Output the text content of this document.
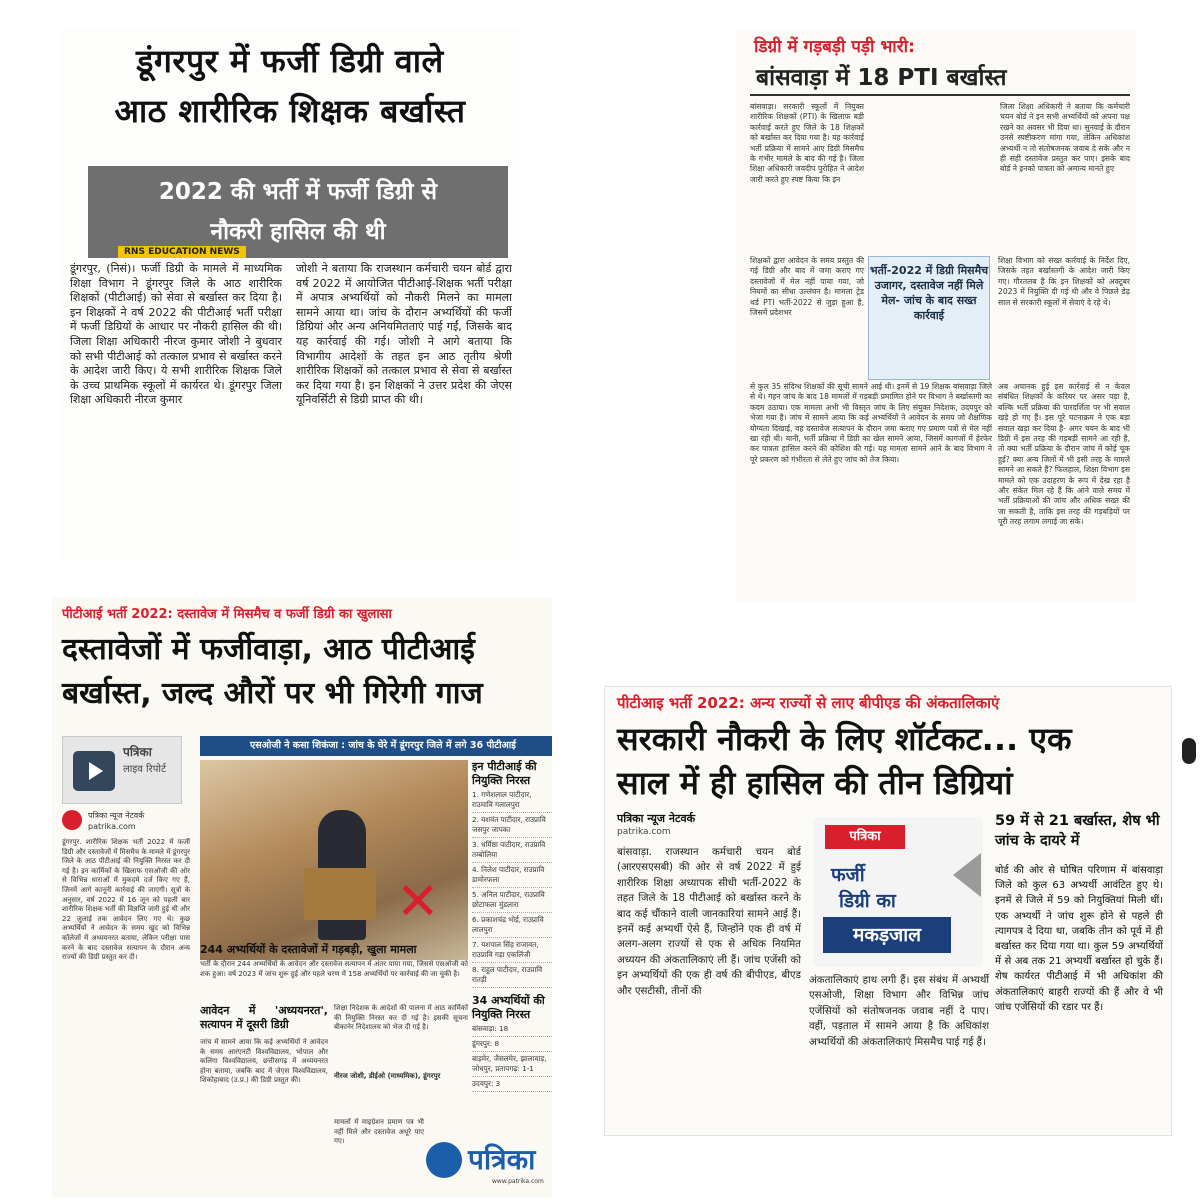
डूंगरपुर में फर्जी डिग्री वाले
आठ शारीरिक शिक्षक बर्खास्त
2022 की भर्ती में फर्जी डिग्री से
नौकरी हासिल की थी
RNS EDUCATION NEWS
डूंगरपुर, (निसं)। फर्जी डिग्री के मामले में माध्यमिक शिक्षा विभाग ने डूंगरपुर जिले के आठ शारीरिक शिक्षकों (पीटीआई) को सेवा से बर्खास्त कर दिया है। इन शिक्षकों ने वर्ष 2022 की पीटीआई भर्ती परीक्षा में फर्जी डिग्रियों के आधार पर नौकरी हासिल की थी। जिला शिक्षा अधिकारी नीरज कुमार जोशी ने बुधवार को सभी पीटीआई को तत्काल प्रभाव से बर्खास्त करने के आदेश जारी किए। ये सभी शारीरिक शिक्षक जिले के उच्च प्राथमिक स्कूलों में कार्यरत थे। डूंगरपुर जिला शिक्षा अधिकारी नीरज कुमार
जोशी ने बताया कि राजस्थान कर्मचारी चयन बोर्ड द्वारा वर्ष 2022 में आयोजित पीटीआई-शिक्षक भर्ती परीक्षा में अपात्र अभ्यर्थियों को नौकरी मिलने का मामला सामने आया था। जांच के दौरान अभ्यर्थियों की फर्जी डिग्रियां और अन्य अनियमितताएं पाई गईं, जिसके बाद यह कार्रवाई की गई। जोशी ने आगे बताया कि विभागीय आदेशों के तहत इन आठ तृतीय श्रेणी शारीरिक शिक्षकों को तत्काल प्रभाव से सेवा से बर्खास्त कर दिया गया है। इन शिक्षकों ने उत्तर प्रदेश की जेएस यूनिवर्सिटी से डिग्री प्राप्त की थी।
डिग्री में गड़बड़ी पड़ी भारी:
बांसवाड़ा में 18 PTI बर्खास्त
बांसवाड़ा। सरकारी स्कूलों में नियुक्त शारीरिक शिक्षकों (PTI) के खिलाफ बड़ी कार्रवाई करते हुए जिले के 18 शिक्षकों को बर्खास्त कर दिया गया है। यह कार्रवाई भर्ती प्रक्रिया में सामने आए डिग्री मिसमैच के गंभीर मामले के बाद की गई है। जिला शिक्षा अधिकारी जयदीप पुरोहित ने आदेश जारी करते हुए स्पष्ट किया कि इन
शिक्षकों द्वारा आवेदन के समय प्रस्तुत की गई डिग्री और बाद में जमा कराए गए दस्तावेजों में मेल नहीं पाया गया, जो नियमों का सीधा उल्लंघन है। मामला ट्रेड थर्ड PTI भर्ती-2022 से जुड़ा हुआ है, जिसमें प्रदेशभर
भर्ती-2022 में डिग्री मिसमैच उजागर, दस्तावेज नहीं मिले मेल- जांच के बाद सख्त कार्रवाई
से कुल 35 संदिग्ध शिक्षकों की सूची सामने आई थी। इनमें से 19 शिक्षक बांसवाड़ा जिले से थे। गहन जांच के बाद 18 मामलों में गड़बड़ी प्रमाणित होने पर विभाग ने बर्खास्तगी का कदम उठाया। एक मामला अभी भी विस्तृत जांच के लिए संयुक्त निदेशक, उदयपुर को भेजा गया है। जांच में सामने आया कि कई अभ्यर्थियों ने आवेदन के समय जो शैक्षणिक योग्यता दिखाई, वह दस्तावेज सत्यापन के दौरान जमा कराए गए प्रमाण पत्रों से मेल नहीं खा रही थी। यानी, भर्ती प्रक्रिया में डिग्री का खेल सामने आया, जिसमें कागजों में हेरफेर कर पात्रता हासिल करने की कोशिश की गई। यह मामला सामने आने के बाद विभाग ने पूरे प्रकरण को गंभीरता से लेते हुए जांच को तेज किया।
जिला शिक्षा अधिकारी ने बताया कि कर्मचारी चयन बोर्ड ने इन सभी अभ्यर्थियों को अपना पक्ष रखने का अवसर भी दिया था। सुनवाई के दौरान उनसे स्पष्टीकरण मांगा गया, लेकिन अधिकांश अभ्यर्थी न तो संतोषजनक जवाब दे सके और न ही सही दस्तावेज प्रस्तुत कर पाए। इसके बाद बोर्ड ने इनको पात्रता को अमान्य मानते हुए
शिक्षा विभाग को सख्त कार्रवाई के निर्देश दिए, जिसके तहत बर्खास्तगी के आदेश जारी किए गए। गौरतलब है कि इन शिक्षकों को अक्टूबर 2023 में नियुक्ति दी गई थी और वे पिछले डेढ़ साल से सरकारी स्कूलों में सेवाएं दे रहे थे।
अब अचानक हुई इस कार्रवाई से न केवल संबंधित शिक्षकों के करियर पर असर पड़ा है, बल्कि भर्ती प्रक्रिया की पारदर्शिता पर भी सवाल खड़े हो गए हैं। इस पूरे घटनाक्रम ने एक बड़ा सवाल खड़ा कर दिया है- अगर चयन के बाद भी डिग्री में इस तरह की गड़बड़ी सामने आ रही है, तो क्या भर्ती प्रक्रिया के दौरान जांच में कोई चूक हुई? क्या अन्य जिलों में भी इसी तरह के मामले सामने आ सकते हैं? फिलहाल, शिक्षा विभाग इस मामले को एक उदाहरण के रूप में देख रहा है और संकेत मिल रहे हैं कि आने वाले समय में भर्ती प्रक्रियाओं की जांच और अधिक सख्त की जा सकती है, ताकि इस तरह की गड़बड़ियों पर पूरी तरह लगाम लगाई जा सके।
पीटीआई भर्ती 2022: दस्तावेज में मिसमैच व फर्जी डिग्री का खुलासा
दस्तावेजों में फर्जीवाड़ा, आठ पीटीआई
बर्खास्त, जल्द औरों पर भी गिरेगी गाज
पत्रिका
लाइव रिपोर्ट
पत्रिका न्यूज नेटवर्क
patrika.com
डूंगरपुर. शारीरिक शिक्षक भर्ती 2022 में फर्जी डिग्री और दस्तावेजों में मिसमैच के मामले में डूंगरपुर जिले के आठ पीटीआई की नियुक्ति निरस्त कर दी गई है। इन कार्मिकों के खिलाफ एसओजी की ओर से विभिन्न धाराओं में मुकदमे दर्ज किए गए हैं, जिनमें आगे कानूनी कार्रवाई की जाएगी। सूत्रों के अनुसार, वर्ष 2022 में 16 जून को पहली बार शारीरिक शिक्षक भर्ती की विज्ञप्ति जारी हुई थी और 22 जुलाई तक आवेदन लिए गए थे। कुछ अभ्यर्थियों ने आवेदन के समय खुद को विभिन्न कॉलेजों में अध्ययनरत बताया, लेकिन परीक्षा पास करने के बाद दस्तावेज सत्यापन के दौरान अन्य राज्यों की डिग्री प्रस्तुत कर दी।
एसओजी ने कसा शिकंजा : जांच के घेरे में डूंगरपुर जिले में लगे 36 पीटीआई
✕
इन पीटीआई की नियुक्ति निरस्त
1. गणेशलाल पाटीदार, राउमावि गलालपुरा
2. यशवंत पाटीदार, राउप्रावि जसपुर जापका
3. धर्मिष्ठा पाटीदार, राउप्रावि तम्बोलिया
4. निलेश पाटीदार, राउप्रावि डामोरफला
5. अनिल पाटीदार, राउप्रावि छोटाफला मुंडलारा
6. प्रकाशचंद्र भोई, राउप्रावि लालपुरा
7. यशपाल सिंह राजावत, राउप्रावि गड़ा एकलिंजी
8. राहुल पाटीदार, राउप्रावि रातड़ी
34 अभ्यर्थियों की नियुक्ति निरस्त
बांसवाड़ा: 18
डूंगरपुर: 8
बाड़मेर, जैसलमेर, झालावाड़, जोधपुर, प्रतापगढ़: 1-1
उदयपुर: 3
244 अभ्यर्थियों के दस्तावेजों में गड़बड़ी, खुला मामला
भर्ती के दौरान 244 अभ्यर्थियों के आवेदन और दस्तावेज सत्यापन में अंतर पाया गया, जिससे एसओजी को शक हुआ। वर्ष 2023 में जांच शुरू हुई और पहले चरण में 158 अभ्यर्थियों पर कार्रवाई की जा चुकी है।
आवेदन में 'अध्ययनरत', सत्यापन में दूसरी डिग्री
जांच में सामने आया कि कई अभ्यर्थियों ने आवेदन के समय आरएनटी विश्वविद्यालय, भोपाल और कलिंगा विश्वविद्यालय, छत्तीसगढ़ में अध्ययनरत होना बताया, जबकि बाद में जेएस विश्वविद्यालय, शिकोहाबाद (उ.प्र.) की डिग्री प्रस्तुत की।
शिक्षा निदेशक के आदेशों की पालना में आठ कार्मिकों की नियुक्ति निरस्त कर दी गई है। इसकी सूचना बीकानेर निदेशालय को भेज दी गई है।
नीरज जोशी, डीईओ (माध्यमिक), डूंगरपुर
मामलों में माइग्रेशन प्रमाण पत्र भी नहीं मिले और दस्तावेज अधूरे पाए गए।
पत्रिका
www.patrika.com
पीटीआइ भर्ती 2022: अन्य राज्यों से लाए बीपीएड की अंकतालिकाएं
सरकारी नौकरी के लिए शॉर्टकट... एक
साल में ही हासिल की तीन डिग्रियां
पत्रिका न्यूज नेटवर्क
patrika.com	पत्रिका
फर्जी
डिग्री का
मकड़जाल
59 में से 21 बर्खास्त, शेष भी जांच के दायरे में
बोर्ड की ओर से घोषित परिणाम में बांसवाड़ा जिले को कुल 63 अभ्यर्थी आवंटित हुए थे। इनमें से जिले में 59 को नियुक्तियां मिली थीं। एक अभ्यर्थी ने जांच शुरू होने से पहले ही त्यागपत्र दे दिया था, जबकि तीन को पूर्व में ही बर्खास्त कर दिया गया था। कुल 59 अभ्यर्थियों में से अब तक 21 अभ्यर्थी बर्खास्त हो चुके हैं। शेष कार्यरत पीटीआई में भी अधिकांश की अंकतालिकाएं बाहरी राज्यों की हैं और वे भी जांच एजेंसियों की रडार पर हैं।
बांसवाड़ा. राजस्थान कर्मचारी चयन बोर्ड (आरएसएसबी) की ओर से वर्ष 2022 में हुई शारीरिक शिक्षा अध्यापक सीधी भर्ती-2022 के तहत जिले के 18 पीटीआई को बर्खास्त करने के बाद कई चौंकाने वाली जानकारियां सामने आई हैं। इनमें कई अभ्यर्थी ऐसे हैं, जिन्होंने एक ही वर्ष में अलग-अलग राज्यों से एक से अधिक नियमित अध्ययन की अंकतालिकाएं ली हैं। जांच एजेंसी को इन अभ्यर्थियों की एक ही वर्ष की बीपीएड, बीएड और एसटीसी, तीनों की
अंकतालिकाएं हाथ लगी हैं। इस संबंध में अभ्यर्थी एसओजी, शिक्षा विभाग और विभिन्न जांच एजेंसियों को संतोषजनक जवाब नहीं दे पाए। वहीं, पड़ताल में सामने आया है कि अधिकांश अभ्यर्थियों की अंकतालिकाएं मिसमैच पाई गई हैं।
